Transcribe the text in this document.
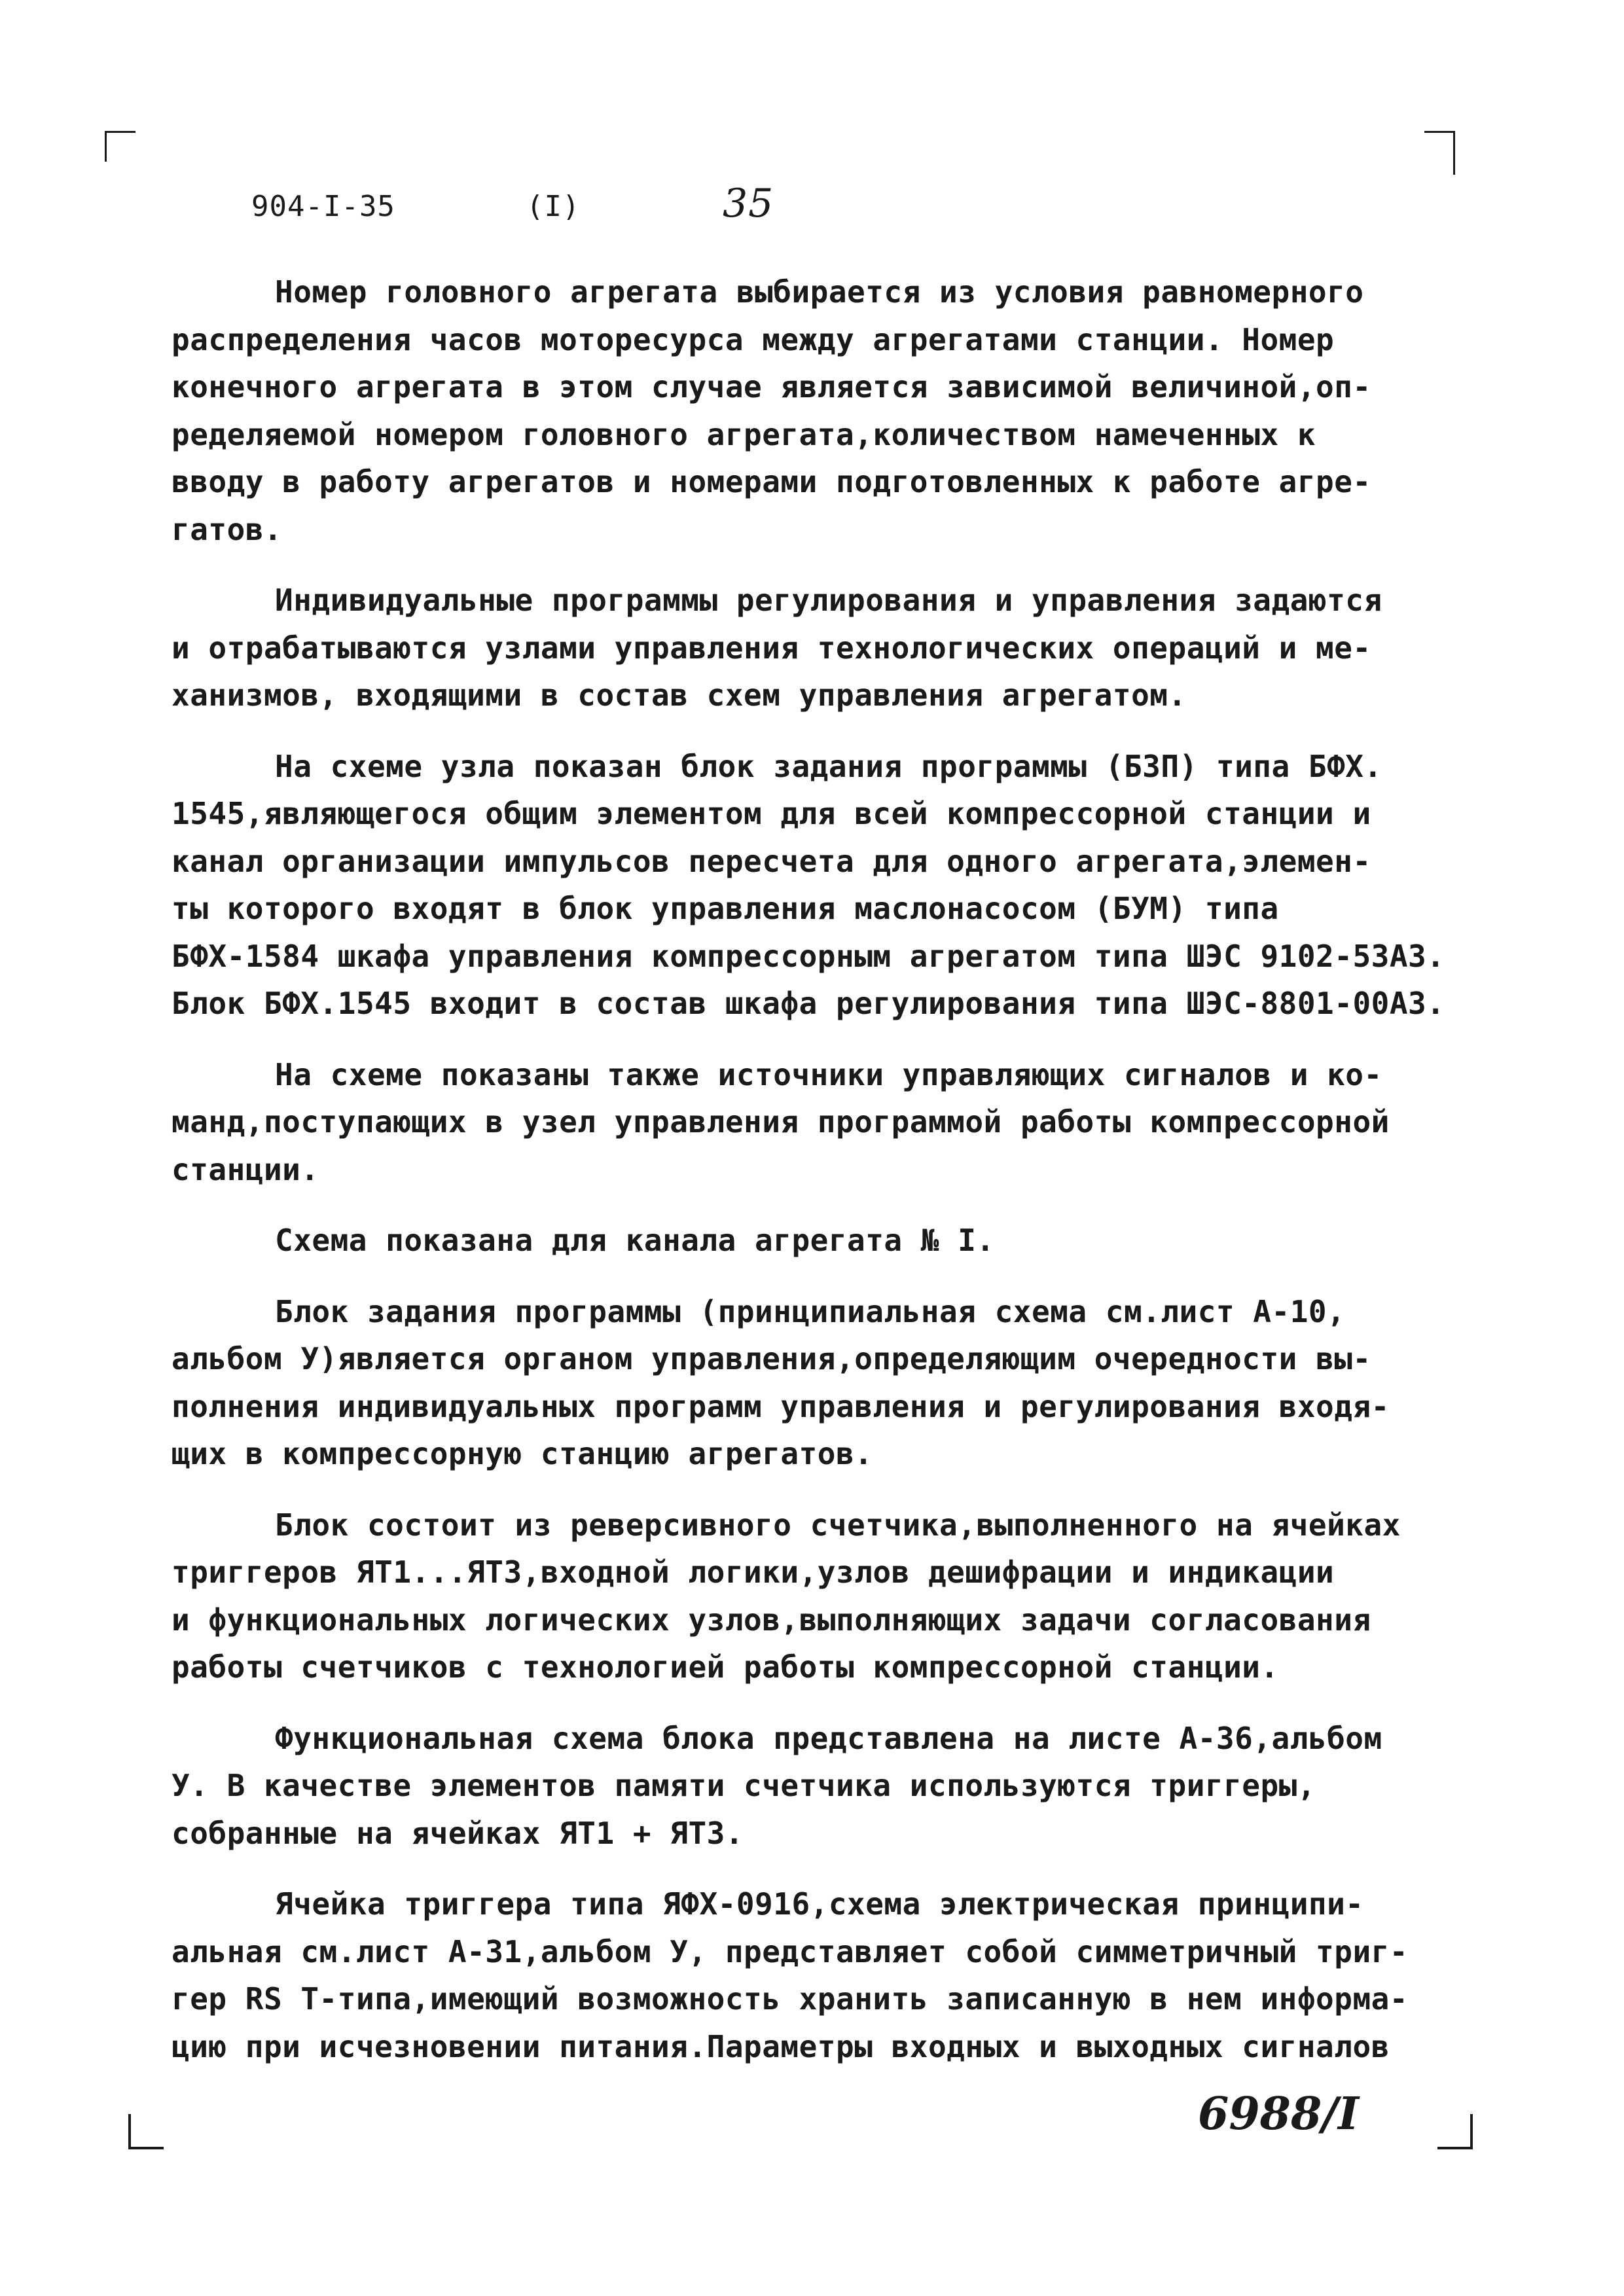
904-I-35	(I)	35
Номер головного агрегата выбирается из условия равномерного
распределения часов моторесурса между агрегатами станции. Номер
конечного агрегата в этом случае является зависимой величиной,оп-
ределяемой номером головного агрегата,количеством намеченных к
вводу в работу агрегатов и номерами подготовленных к работе агре-
гатов.
Индивидуальные программы регулирования и управления задаются
и отрабатываются узлами управления технологических операций и ме-
ханизмов, входящими в состав схем управления агрегатом.
На схеме узла показан блок задания программы (БЗП) типа БФХ.
1545,являющегося общим элементом для всей компрессорной станции и
канал организации импульсов пересчета для одного агрегата,элемен-
ты которого входят в блок управления маслонасосом (БУМ) типа
БФХ-1584 шкафа управления компрессорным агрегатом типа ШЭС 9102-53АЗ.
Блок БФХ.1545 входит в состав шкафа регулирования типа ШЭС-8801-00АЗ.
На схеме показаны также источники управляющих сигналов и ко-
манд,поступающих в узел управления программой работы компрессорной
станции.
Схема показана для канала агрегата № I.
Блок задания программы (принципиальная схема см.лист А-10,
альбом У)является органом управления,определяющим очередности вы-
полнения индивидуальных программ управления и регулирования входя-
щих в компрессорную станцию агрегатов.
Блок состоит из реверсивного счетчика,выполненного на ячейках
триггеров ЯТ1...ЯТ3,входной логики,узлов дешифрации и индикации
и функциональных логических узлов,выполняющих задачи согласования
работы счетчиков с технологией работы компрессорной станции.
Функциональная схема блока представлена на листе А-36,альбом
У. В качестве элементов памяти счетчика используются триггеры,
собранные на ячейках ЯТ1 + ЯТ3.
Ячейка триггера типа ЯФХ-0916,схема электрическая принципи-
альная см.лист А-31,альбом У, представляет собой симметричный триг-
гер RS Т-типа,имеющий возможность хранить записанную в нем информа-
цию при исчезновении питания.Параметры входных и выходных сигналов
6988/I
